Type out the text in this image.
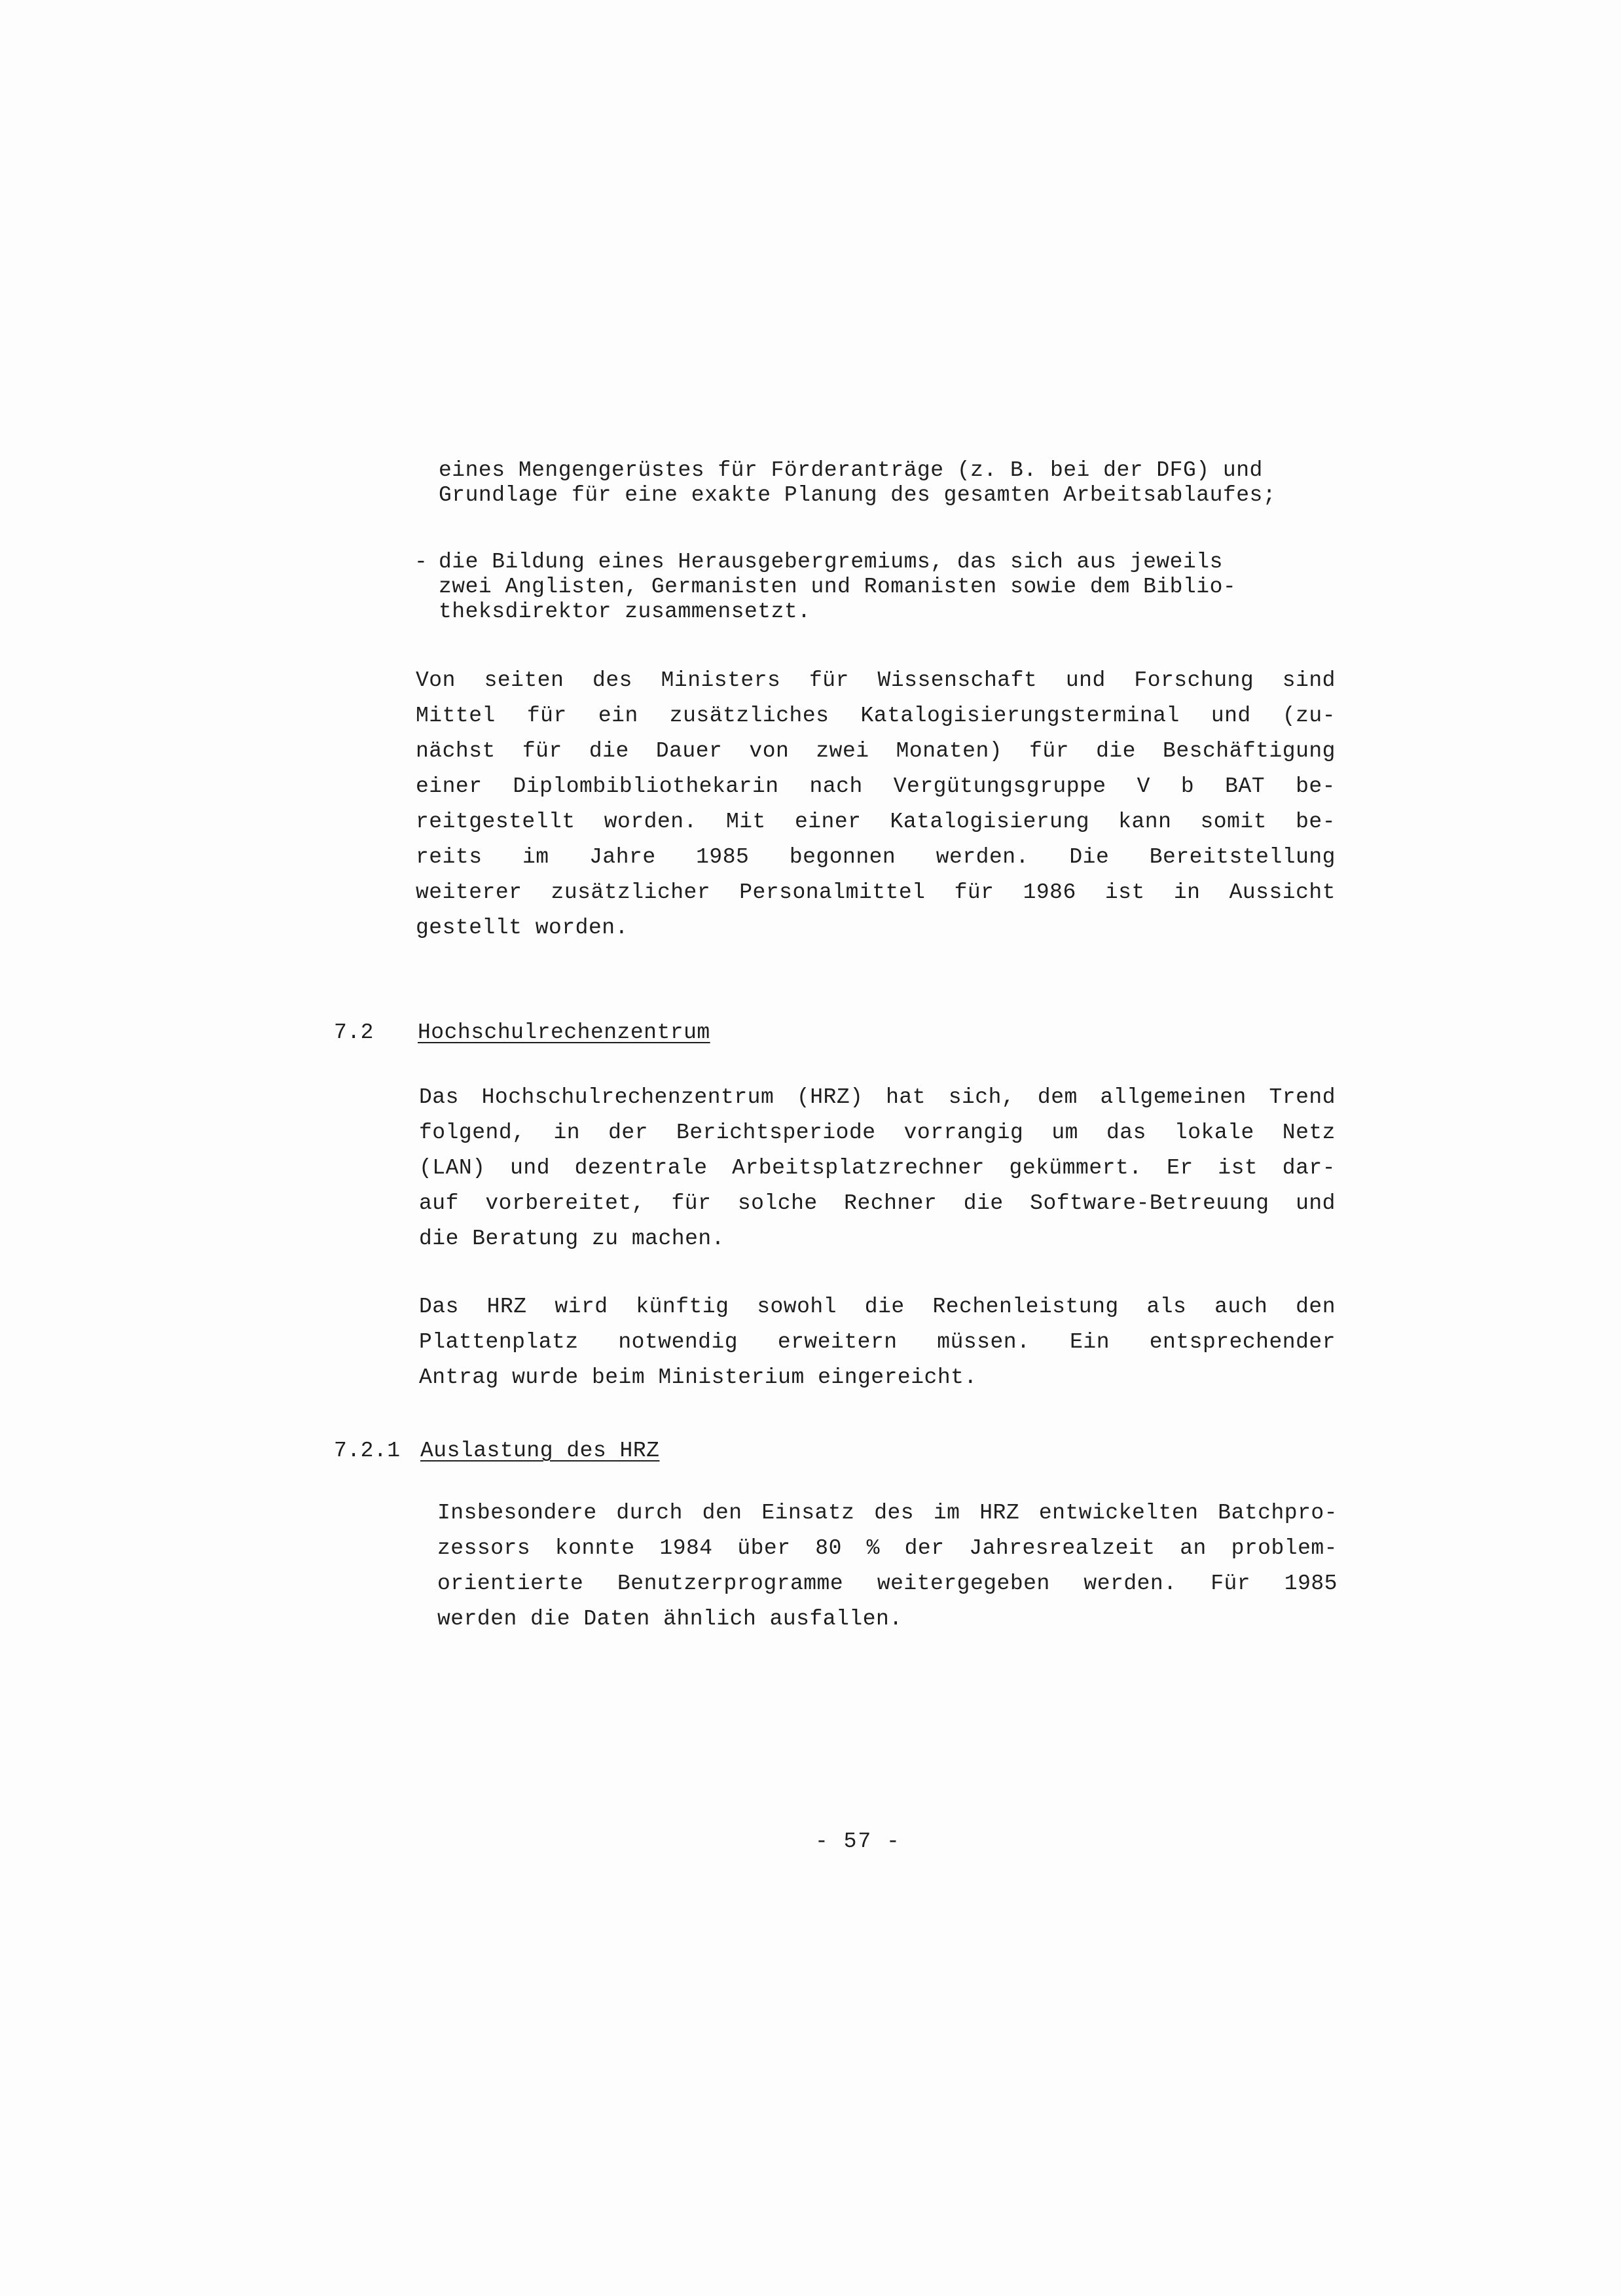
eines Mengengerüstes für Förderanträge (z. B. bei der DFG) und
Grundlage für eine exakte Planung des gesamten Arbeitsablaufes;
- die Bildung eines Herausgebergremiums, das sich aus jeweils
zwei Anglisten, Germanisten und Romanisten sowie dem Biblio-
theksdirektor zusammensetzt.
Von seiten des Ministers für Wissenschaft und Forschung sind
Mittel für ein zusätzliches Katalogisierungsterminal und (zu-
nächst für die Dauer von zwei Monaten) für die Beschäftigung
einer Diplombibliothekarin nach Vergütungsgruppe V b BAT be-
reitgestellt worden. Mit einer Katalogisierung kann somit be-
reits im Jahre 1985 begonnen werden. Die Bereitstellung
weiterer zusätzlicher Personalmittel für 1986 ist in Aussicht
gestellt worden.
7.2 Hochschulrechenzentrum
Das Hochschulrechenzentrum (HRZ) hat sich, dem allgemeinen Trend
folgend, in der Berichtsperiode vorrangig um das lokale Netz
(LAN) und dezentrale Arbeitsplatzrechner gekümmert. Er ist dar-
auf vorbereitet, für solche Rechner die Software-Betreuung und
die Beratung zu machen.
Das HRZ wird künftig sowohl die Rechenleistung als auch den
Plattenplatz notwendig erweitern müssen. Ein entsprechender
Antrag wurde beim Ministerium eingereicht.
7.2.1 Auslastung des HRZ
Insbesondere durch den Einsatz des im HRZ entwickelten Batchpro-
zessors konnte 1984 über 80 % der Jahresrealzeit an problem-
orientierte Benutzerprogramme weitergegeben werden. Für 1985
werden die Daten ähnlich ausfallen.
- 57 -
